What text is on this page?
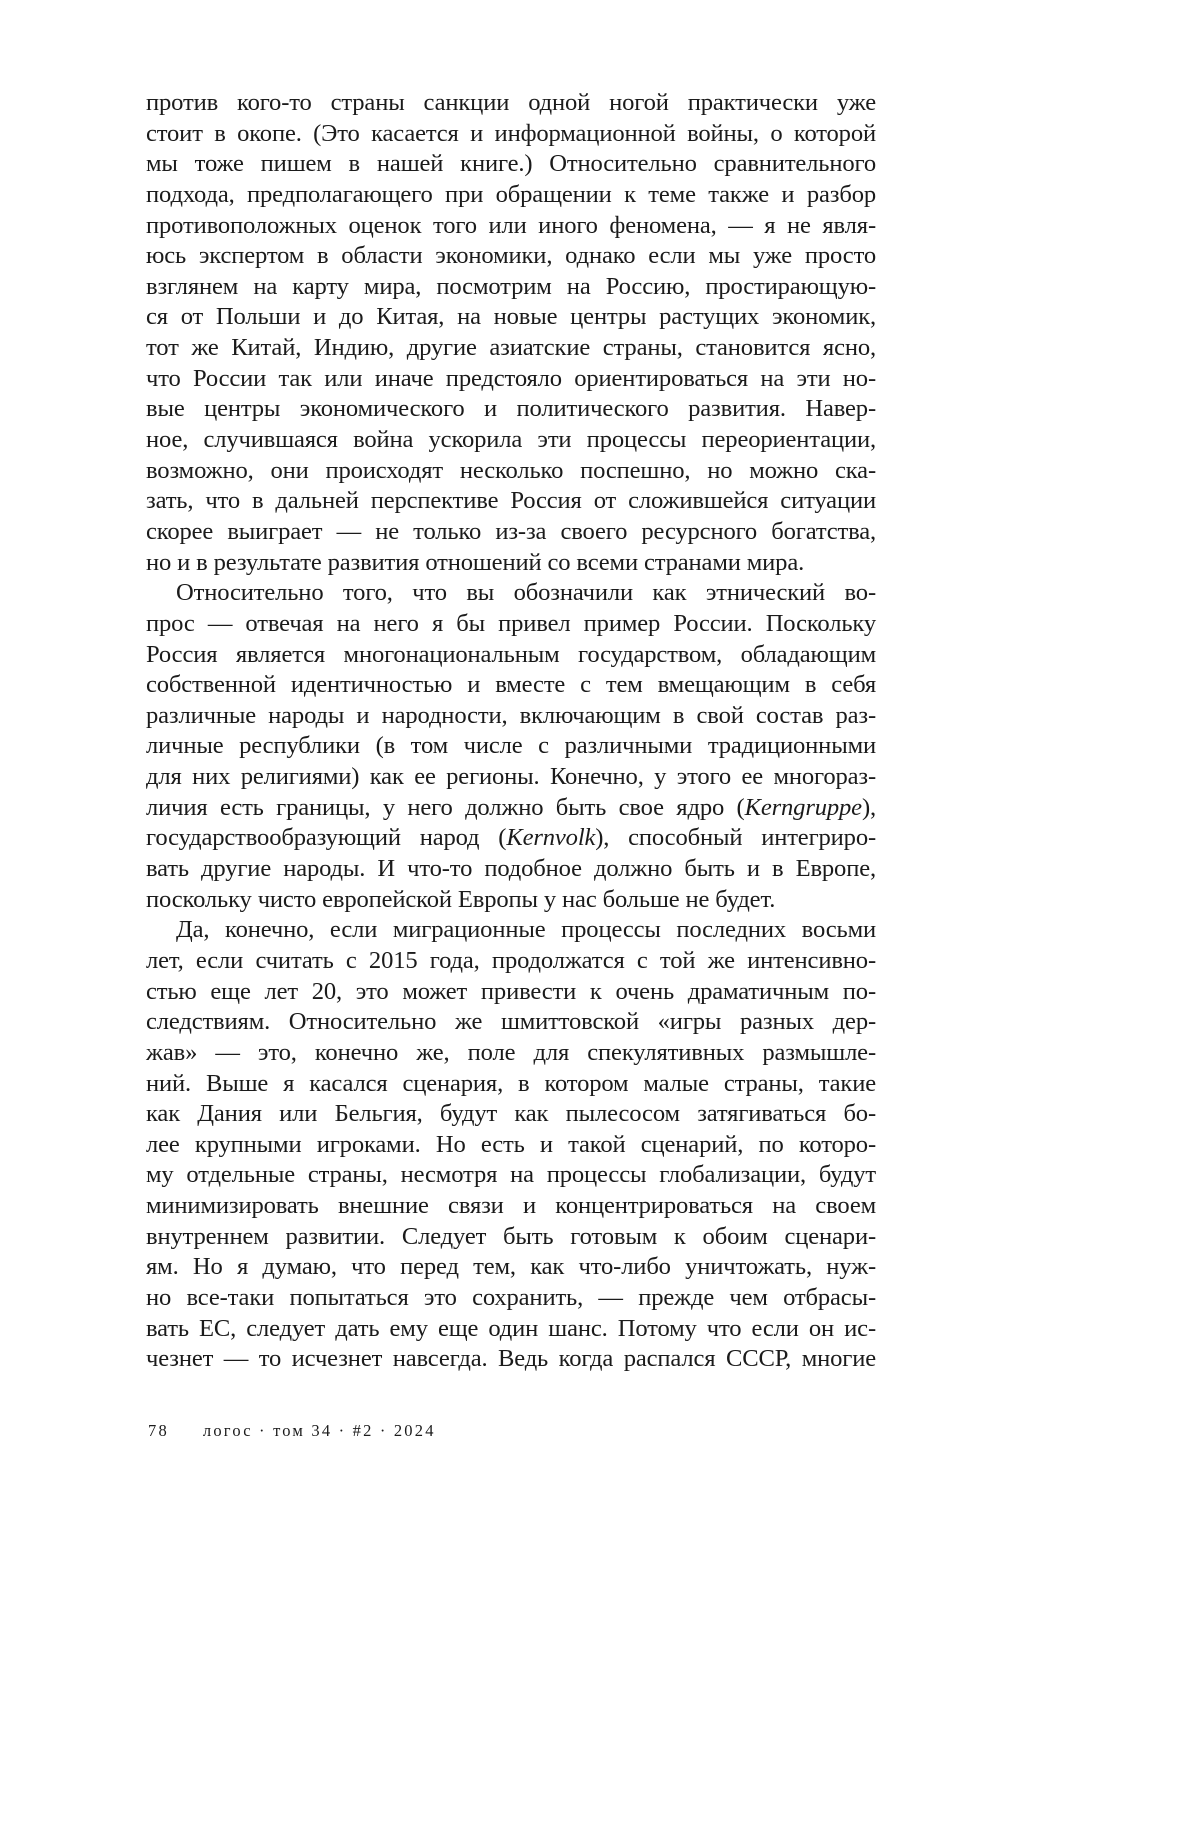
против кого-то страны санкции одной ногой практически уже
стоит в окопе. (Это касается и информационной войны, о которой
мы тоже пишем в нашей книге.) Относительно сравнительного
подхода, предполагающего при обращении к теме также и разбор
противоположных оценок того или иного феномена, — я не явля‑
юсь экспертом в области экономики, однако если мы уже просто
взглянем на карту мира, посмотрим на Россию, простирающую‑
ся от Польши и до Китая, на новые центры растущих экономик,
тот же Китай, Индию, другие азиатские страны, становится ясно,
что России так или иначе предстояло ориентироваться на эти но‑
вые центры экономического и политического развития. Навер‑
ное, случившаяся война ускорила эти процессы переориентации,
возможно, они происходят несколько поспешно, но можно ска‑
зать, что в дальней перспективе Россия от сложившейся ситуации
скорее выиграет — не только из-за своего ресурсного богатства,
но и в результате развития отношений со всеми странами мира.
Относительно того, что вы обозначили как этнический во‑
прос — отвечая на него я бы привел пример России. Поскольку
Россия является многонациональным государством, обладающим
собственной идентичностью и вместе с тем вмещающим в себя
различные народы и народности, включающим в свой состав раз‑
личные республики (в том числе с различными традиционными
для них религиями) как ее регионы. Конечно, у этого ее многораз‑
личия есть границы, у него должно быть свое ядро (Kerngruppe),
государствообразующий народ (Kernvolk), способный интегриро‑
вать другие народы. И что-то подобное должно быть и в Европе,
поскольку чисто европейской Европы у нас больше не будет.
Да, конечно, если миграционные процессы последних восьми
лет, если считать с 2015 года, продолжатся с той же интенсивно‑
стью еще лет 20, это может привести к очень драматичным по‑
следствиям. Относительно же шмиттовской «игры разных дер‑
жав» — это, конечно же, поле для спекулятивных размышле‑
ний. Выше я касался сценария, в котором малые страны, такие
как Дания или Бельгия, будут как пылесосом затягиваться бо‑
лее крупными игроками. Но есть и такой сценарий, по которо‑
му отдельные страны, несмотря на процессы глобализации, будут
минимизировать внешние связи и концентрироваться на своем
внутреннем развитии. Следует быть готовым к обоим сценари‑
ям. Но я думаю, что перед тем, как что-либо уничтожать, нуж‑
но все-таки попытаться это сохранить, — прежде чем отбрасы‑
вать ЕС, следует дать ему еще один шанс. Потому что если он ис‑
чезнет — то исчезнет навсегда. Ведь когда распался СССР, многие
78 логос · том 34 · #2 · 2024
